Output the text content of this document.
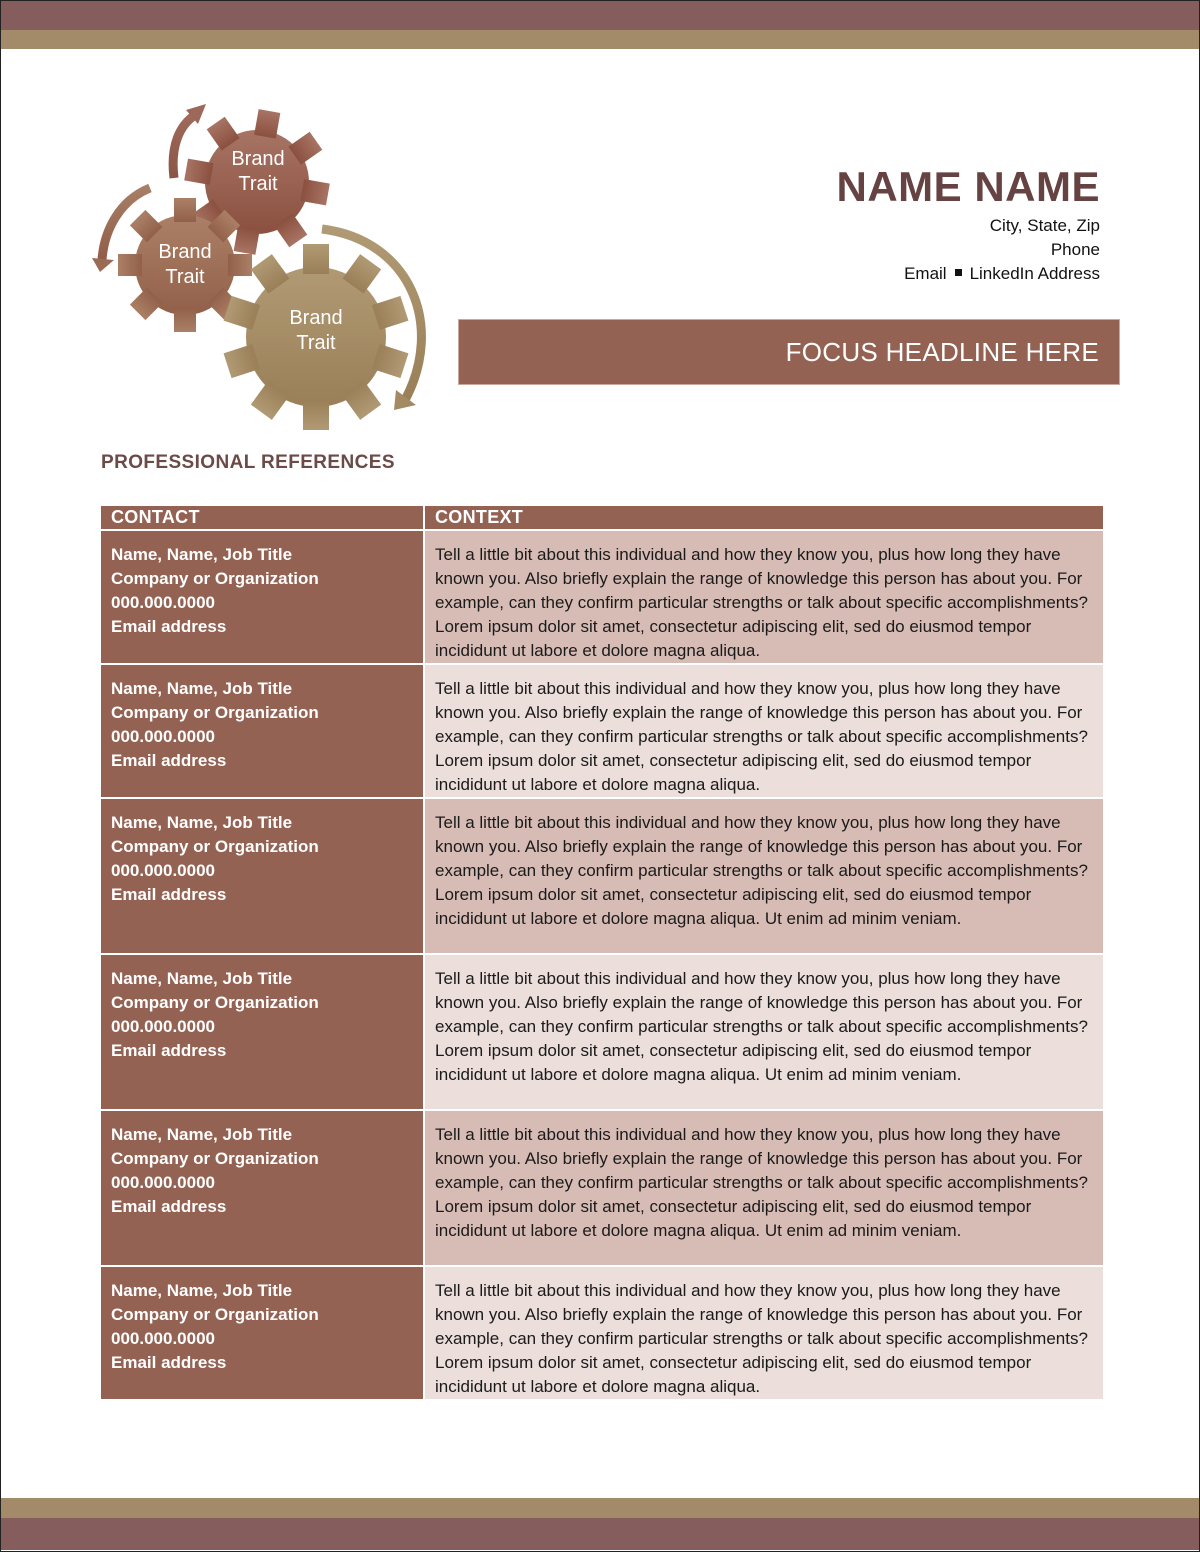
Brand
Trait
Brand
Trait
Brand
Trait
NAME NAME
City, State, Zip
Phone
Email LinkedIn Address
FOCUS HEADLINE HERE
PROFESSIONAL REFERENCES
CONTACT	CONTEXT

Name, Name, Job Title
Company or Organization
000.000.0000
Email address
	Tell a little bit about this individual and how they know you, plus how long they have known you. Also briefly explain the range of knowledge this person has about you. For example, can they confirm particular strengths or talk about specific accomplishments? Lorem ipsum dolor sit amet, consectetur adipiscing elit, sed do eiusmod tempor incididunt ut labore et dolore magna aliqua.

Name, Name, Job Title
Company or Organization
000.000.0000
Email address
	Tell a little bit about this individual and how they know you, plus how long they have known you. Also briefly explain the range of knowledge this person has about you. For example, can they confirm particular strengths or talk about specific accomplishments? Lorem ipsum dolor sit amet, consectetur adipiscing elit, sed do eiusmod tempor incididunt ut labore et dolore magna aliqua.

Name, Name, Job Title
Company or Organization
000.000.0000
Email address
	Tell a little bit about this individual and how they know you, plus how long they have known you. Also briefly explain the range of knowledge this person has about you. For example, can they confirm particular strengths or talk about specific accomplishments? Lorem ipsum dolor sit amet, consectetur adipiscing elit, sed do eiusmod tempor incididunt ut labore et dolore magna aliqua. Ut enim ad minim veniam.

Name, Name, Job Title
Company or Organization
000.000.0000
Email address
	Tell a little bit about this individual and how they know you, plus how long they have known you. Also briefly explain the range of knowledge this person has about you. For example, can they confirm particular strengths or talk about specific accomplishments? Lorem ipsum dolor sit amet, consectetur adipiscing elit, sed do eiusmod tempor incididunt ut labore et dolore magna aliqua. Ut enim ad minim veniam.

Name, Name, Job Title
Company or Organization
000.000.0000
Email address
	Tell a little bit about this individual and how they know you, plus how long they have known you. Also briefly explain the range of knowledge this person has about you. For example, can they confirm particular strengths or talk about specific accomplishments? Lorem ipsum dolor sit amet, consectetur adipiscing elit, sed do eiusmod tempor incididunt ut labore et dolore magna aliqua. Ut enim ad minim veniam.

Name, Name, Job Title
Company or Organization
000.000.0000
Email address
	Tell a little bit about this individual and how they know you, plus how long they have known you. Also briefly explain the range of knowledge this person has about you. For example, can they confirm particular strengths or talk about specific accomplishments? Lorem ipsum dolor sit amet, consectetur adipiscing elit, sed do eiusmod tempor incididunt ut labore et dolore magna aliqua.
